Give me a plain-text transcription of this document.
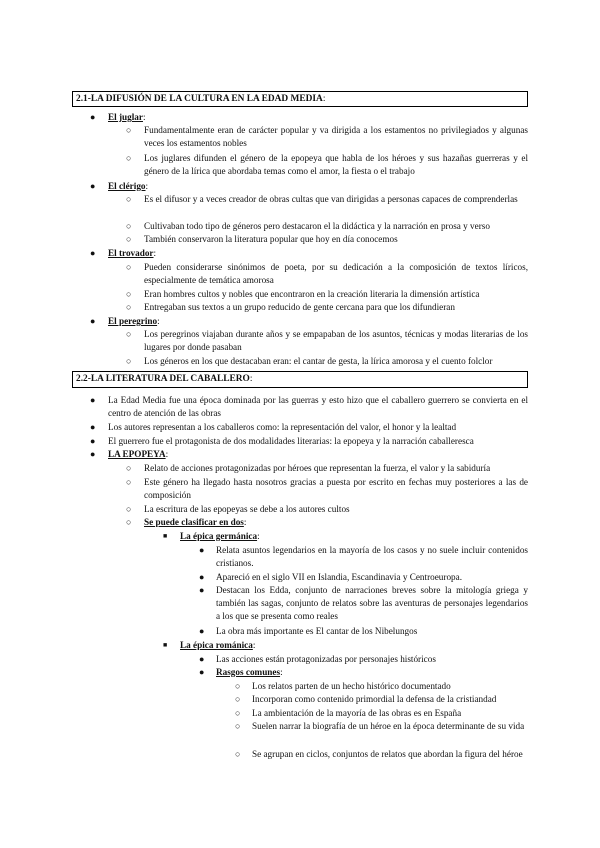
2.1-LA DIFUSIÓN DE LA CULTURA EN LA EDAD MEDIA:
● El juglar:
○ Fundamentalmente eran de carácter popular y va dirigida a los estamentos no privilegiados y algunas veces los estamentos nobles
○ Los juglares difunden el género de la epopeya que habla de los héroes y sus hazañas guerreras y el género de la lírica que abordaba temas como el amor, la fiesta o el trabajo
● El clérigo:
○ Es el difusor y a veces creador de obras cultas que van dirigidas a personas capaces de comprenderlas
○ Cultivaban todo tipo de géneros pero destacaron el la didáctica y la narración en prosa y verso
○ También conservaron la literatura popular que hoy en día conocemos
● El trovador:
○ Pueden considerarse sinónimos de poeta, por su dedicación a la composición de textos líricos, especialmente de temática amorosa
○ Eran hombres cultos y nobles que encontraron en la creación literaria la dimensión artística
○ Entregaban sus textos a un grupo reducido de gente cercana para que los difundieran
● El peregrino:
○ Los peregrinos viajaban durante años y se empapaban de los asuntos, técnicas y modas literarias de los lugares por donde pasaban
○ Los géneros en los que destacaban eran: el cantar de gesta, la lírica amorosa y el cuento folclor
2.2-LA LITERATURA DEL CABALLERO:
● La Edad Media fue una época dominada por las guerras y esto hizo que el caballero guerrero se convierta en el centro de atención de las obras
● Los autores representan a los caballeros como: la representación del valor, el honor y la lealtad
● El guerrero fue el protagonista de dos modalidades literarias: la epopeya y la narración caballeresca
● LA EPOPEYA:
○ Relato de acciones protagonizadas por héroes que representan la fuerza, el valor y la sabiduría
○ Este género ha llegado hasta nosotros gracias a puesta por escrito en fechas muy posteriores a las de composición
○ La escritura de las epopeyas se debe a los autores cultos
○ Se puede clasificar en dos:
■ La épica germánica:
● Relata asuntos legendarios en la mayoría de los casos y no suele incluir contenidos cristianos.
● Apareció en el siglo VII en Islandia, Escandinavia y Centroeuropa.
● Destacan los Edda, conjunto de narraciones breves sobre la mitología griega y también las sagas, conjunto de relatos sobre las aventuras de personajes legendarios a los que se presenta como reales
● La obra más importante es El cantar de los Nibelungos
■ La épica románica:
● Las acciones están protagonizadas por personajes históricos
● Rasgos comunes:
○ Los relatos parten de un hecho histórico documentado
○ Incorporan como contenido primordial la defensa de la cristiandad
○ La ambientación de la mayoría de las obras es en España
○ Suelen narrar la biografía de un héroe en la época determinante de su vida
○ Se agrupan en ciclos, conjuntos de relatos que abordan la figura del héroe
